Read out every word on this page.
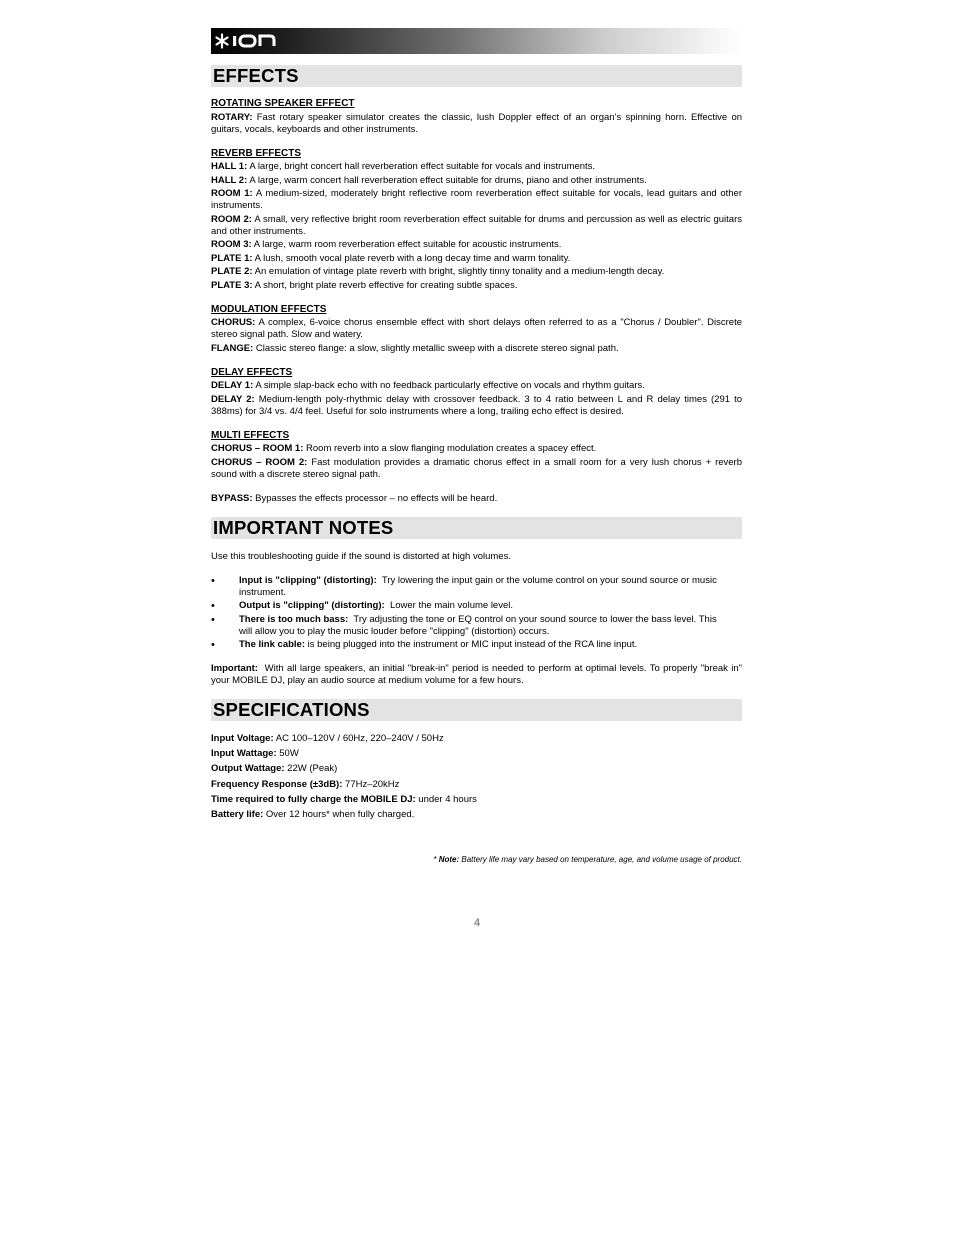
EFFECTS
ROTATING SPEAKER EFFECT

ROTARY: Fast rotary speaker simulator creates the classic, lush Doppler effect of an organ’s spinning horn. Effective on guitars, vocals, keyboards and other instruments.

REVERB EFFECTS

HALL 1: A large, bright concert hall reverberation effect suitable for vocals and instruments.

HALL 2: A large, warm concert hall reverberation effect suitable for drums, piano and other instruments.

ROOM 1: A medium-sized, moderately bright reflective room reverberation effect suitable for vocals, lead guitars and other instruments.

ROOM 2: A small, very reflective bright room reverberation effect suitable for drums and percussion as well as electric guitars and other instruments.

ROOM 3: A large, warm room reverberation effect suitable for acoustic instruments.

PLATE 1: A lush, smooth vocal plate reverb with a long decay time and warm tonality.

PLATE 2: An emulation of vintage plate reverb with bright, slightly tinny tonality and a medium-length decay.

PLATE 3: A short, bright plate reverb effective for creating subtle spaces.

MODULATION EFFECTS

CHORUS: A complex, 6-voice chorus ensemble effect with short delays often referred to as a "Chorus / Doubler". Discrete stereo signal path. Slow and watery.

FLANGE: Classic stereo flange: a slow, slightly metallic sweep with a discrete stereo signal path.

DELAY EFFECTS

DELAY 1: A simple slap-back echo with no feedback particularly effective on vocals and rhythm guitars.

DELAY 2: Medium-length poly-rhythmic delay with crossover feedback. 3 to 4 ratio between L and R delay times (291 to 388ms) for 3/4 vs. 4/4 feel. Useful for solo instruments where a long, trailing echo effect is desired.

MULTI EFFECTS

CHORUS – ROOM 1: Room reverb into a slow flanging modulation creates a spacey effect.

CHORUS – ROOM 2: Fast modulation provides a dramatic chorus effect in a small room for a very lush chorus + reverb sound with a discrete stereo signal path.

BYPASS: Bypasses the effects processor – no effects will be heard.

IMPORTANT NOTES

Use this troubleshooting guide if the sound is distorted at high volumes.

•	Input is "clipping" (distorting): Try lowering the input gain or the volume control on your sound source or music instrument.
•	Output is "clipping" (distorting): Lower the main volume level.
•	There is too much bass: Try adjusting the tone or EQ control on your sound source to lower the bass level. This will allow you to play the music louder before "clipping" (distortion) occurs.
•	The link cable: is being plugged into the instrument or MIC input instead of the RCA line input.

Important: With all large speakers, an initial "break-in" period is needed to perform at optimal levels. To properly "break in" your MOBILE DJ, play an audio source at medium volume for a few hours.

SPECIFICATIONS
Input Voltage: AC 100–120V / 60Hz, 220–240V / 50Hz
Input Wattage: 50W
Output Wattage: 22W (Peak)
Frequency Response (±3dB): 77Hz–20kHz
Time required to fully charge the MOBILE DJ: under 4 hours
Battery life: Over 12 hours* when fully charged.
* Note: Battery life may vary based on temperature, age, and volume usage of product.
4
